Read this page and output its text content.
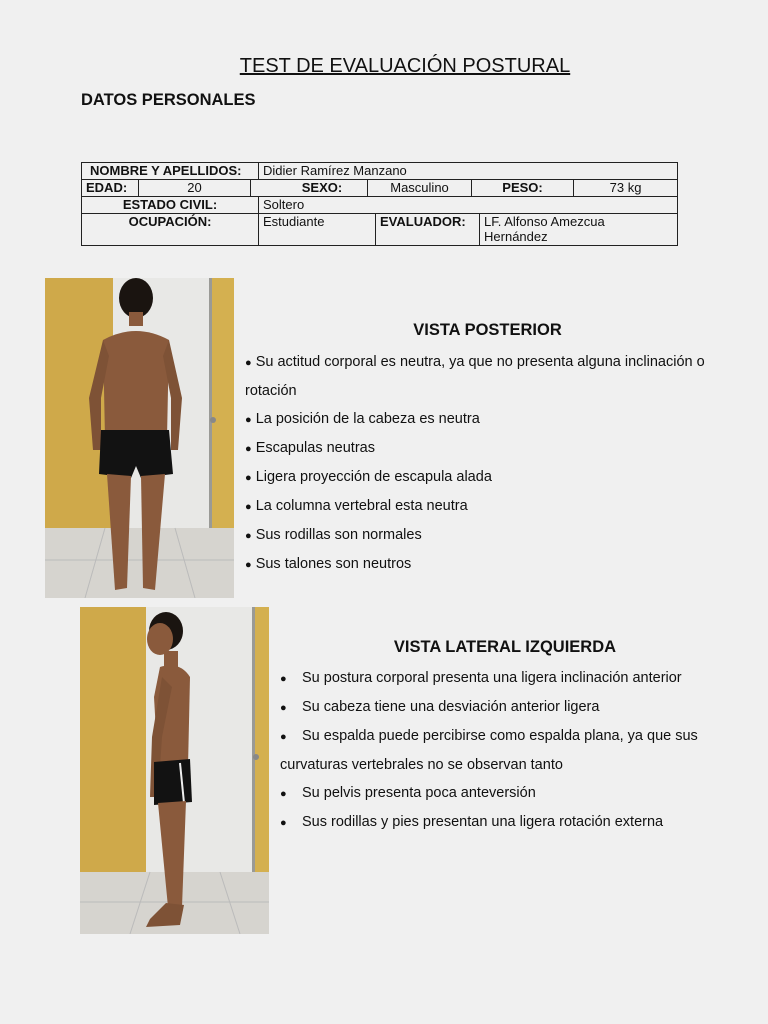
TEST DE EVALUACIÓN POSTURAL
DATOS PERSONALES
NOMBRE Y APELLIDOS:			Didier Ramírez Manzano					
EDAD:	20	SEXO:		Masculino		PESO:		73 kg
ESTADO CIVIL:			Soltero					
OCUPACIÓN:			Estudiante		EVALUADOR:		LF. Alfonso Amezcua
Hernández	
VISTA POSTERIOR
● Su actitud corporal es neutra, ya que no presenta alguna inclinación o rotación
● La posición de la cabeza es neutra
● Escapulas neutras
● Ligera proyección de escapula alada
● La columna vertebral esta neutra
● Sus rodillas son normales
● Sus talones son neutros
VISTA LATERAL IZQUIERDA
● Su postura corporal presenta una ligera inclinación anterior
● Su cabeza tiene una desviación anterior ligera
● Su espalda puede percibirse como espalda plana, ya que sus curvaturas vertebrales no se observan tanto
● Su pelvis presenta poca anteversión
● Sus rodillas y pies presentan una ligera rotación externa
